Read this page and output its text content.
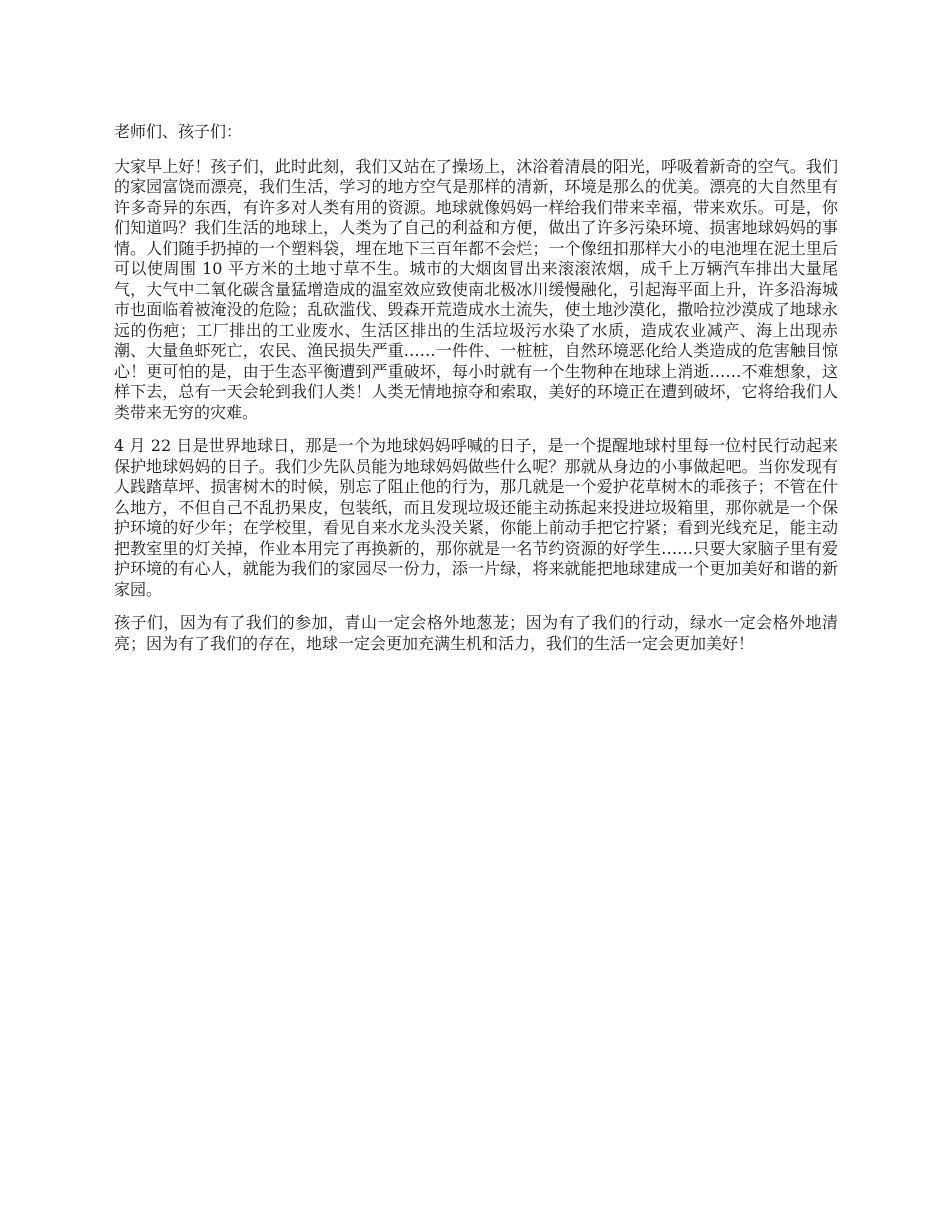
老师们、孩子们：

大家早上好！孩子们，此时此刻，我们又站在了操场上，沐浴着清晨的阳光，呼吸着新奇的空气。我们的家园富饶而漂亮，我们生活，学习的地方空气是那样的清新，环境是那么的优美。漂亮的大自然里有许多奇异的东西，有许多对人类有用的资源。地球就像妈妈一样给我们带来幸福，带来欢乐。可是，你们知道吗？我们生活的地球上，人类为了自己的利益和方便，做出了许多污染环境、损害地球妈妈的事情。人们随手扔掉的一个塑料袋，埋在地下三百年都不会烂；一个像纽扣那样大小的电池埋在泥土里后可以使周围 10 平方米的土地寸草不生。城市的大烟囱冒出来滚滚浓烟，成千上万辆汽车排出大量尾气，大气中二氧化碳含量猛增造成的温室效应致使南北极冰川缓慢融化，引起海平面上升，许多沿海城市也面临着被淹没的危险；乱砍滥伐、毁森开荒造成水土流失，使土地沙漠化，撒哈拉沙漠成了地球永远的伤疤；工厂排出的工业废水、生活区排出的生活垃圾污水染了水质，造成农业减产、海上出现赤潮、大量鱼虾死亡，农民、渔民损失严重……一件件、一桩桩，自然环境恶化给人类造成的危害触目惊心！更可怕的是，由于生态平衡遭到严重破坏，每小时就有一个生物种在地球上消逝……不难想象，这样下去，总有一天会轮到我们人类！人类无情地掠夺和索取，美好的环境正在遭到破坏，它将给我们人类带来无穷的灾难。

4 月 22 日是世界地球日，那是一个为地球妈妈呼喊的日子，是一个提醒地球村里每一位村民行动起来保护地球妈妈的日子。我们少先队员能为地球妈妈做些什么呢？那就从身边的小事做起吧。当你发现有人践踏草坪、损害树木的时候，别忘了阻止他的行为，那几就是一个爱护花草树木的乖孩子；不管在什么地方，不但自己不乱扔果皮，包装纸，而且发现垃圾还能主动拣起来投进垃圾箱里，那你就是一个保护环境的好少年；在学校里，看见自来水龙头没关紧，你能上前动手把它拧紧；看到光线充足，能主动把教室里的灯关掉，作业本用完了再换新的，那你就是一名节约资源的好学生……只要大家脑子里有爱护环境的有心人，就能为我们的家园尽一份力，添一片绿，将来就能把地球建成一个更加美好和谐的新家园。

孩子们，因为有了我们的参加，青山一定会格外地葱茏；因为有了我们的行动，绿水一定会格外地清亮；因为有了我们的存在，地球一定会更加充满生机和活力，我们的生活一定会更加美好！
